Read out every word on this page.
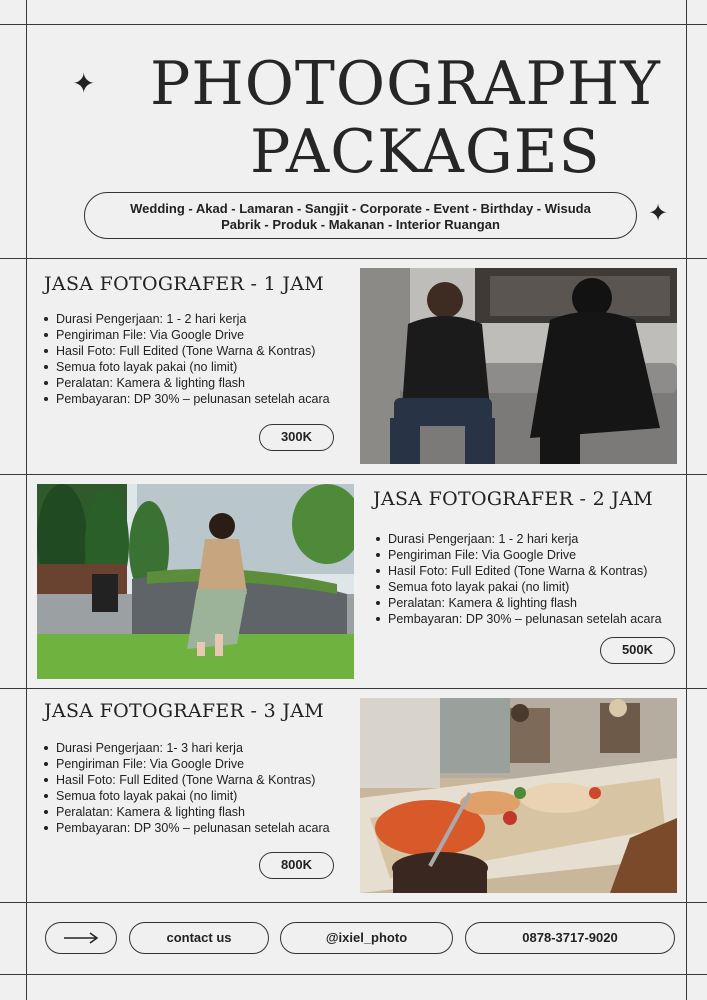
✦
✦
PHOTOGRAPHY
PACKAGES
Wedding - Akad - Lamaran - Sangjit - Corporate - Event - Birthday - Wisuda
Pabrik - Produk - Makanan - Interior Ruangan
JASA FOTOGRAFER - 1 JAM
Durasi Pengerjaan: 1 - 2 hari kerja
Pengiriman File: Via Google Drive
Hasil Foto: Full Edited (Tone Warna & Kontras)
Semua foto layak pakai (no limit)
Peralatan: Kamera & lighting flash
Pembayaran: DP 30% – pelunasan setelah acara
300K
JASA FOTOGRAFER - 2 JAM
Durasi Pengerjaan: 1 - 2 hari kerja
Pengiriman File: Via Google Drive
Hasil Foto: Full Edited (Tone Warna & Kontras)
Semua foto layak pakai (no limit)
Peralatan: Kamera & lighting flash
Pembayaran: DP 30% – pelunasan setelah acara
500K
JASA FOTOGRAFER - 3 JAM
Durasi Pengerjaan: 1- 3 hari kerja
Pengiriman File: Via Google Drive
Hasil Foto: Full Edited (Tone Warna & Kontras)
Semua foto layak pakai (no limit)
Peralatan: Kamera & lighting flash
Pembayaran: DP 30% – pelunasan setelah acara
800K
contact us	@ixiel_photo	0878-3717-9020
